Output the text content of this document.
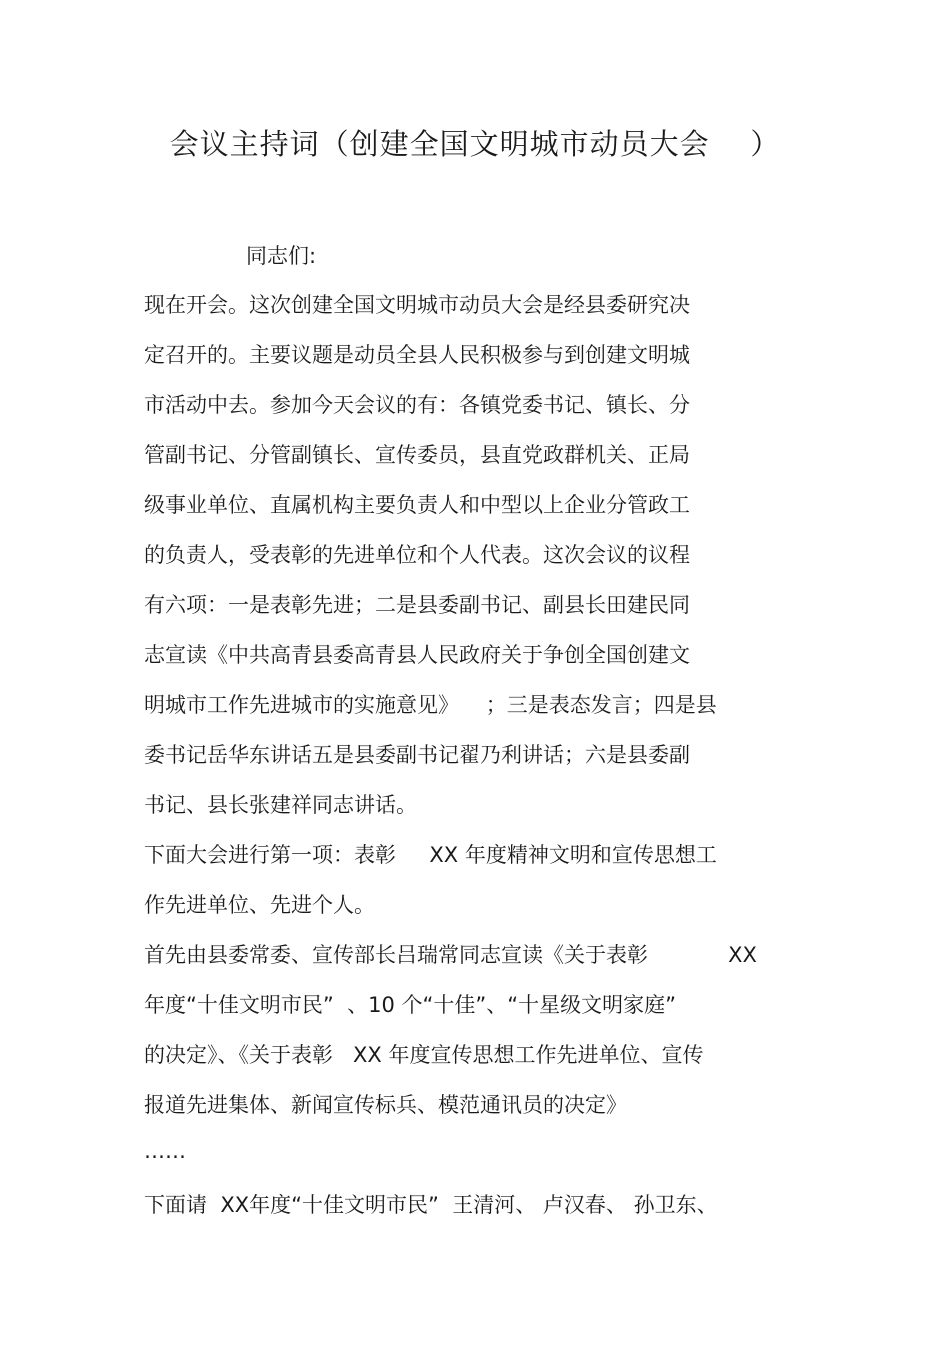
会议主持词（创建全国文明城市动员大会    ）
同志们:
现在开会。这次创建全国文明城市动员大会是经县委研究决
定召开的。主要议题是动员全县人民积极参与到创建文明城
市活动中去。参加今天会议的有：各镇党委书记、镇长、分
管副书记、分管副镇长、宣传委员，县直党政群机关、正局
级事业单位、直属机构主要负责人和中型以上企业分管政工
的负责人，受表彰的先进单位和个人代表。这次会议的议程
有六项：一是表彰先进；二是县委副书记、副县长田建民同
志宣读《中共高青县委高青县人民政府关于争创全国创建文
明城市工作先进城市的实施意见》    ；三是表态发言；四是县
委书记岳华东讲话五是县委副书记翟乃利讲话；六是县委副
书记、县长张建祥同志讲话。
下面大会进行第一项：表彰     XX 年度精神文明和宣传思想工
作先进单位、先进个人。
首先由县委常委、宣传部长吕瑞常同志宣读《关于表彰            XX
年度“十佳文明市民”  、10 个“十佳”、“十星级文明家庭”
的决定》、《关于表彰   XX 年度宣传思想工作先进单位、宣传
报道先进集体、新闻宣传标兵、模范通讯员的决定》
……
下面请  XX年度“十佳文明市民”  王清河、 卢汉春、 孙卫东、
